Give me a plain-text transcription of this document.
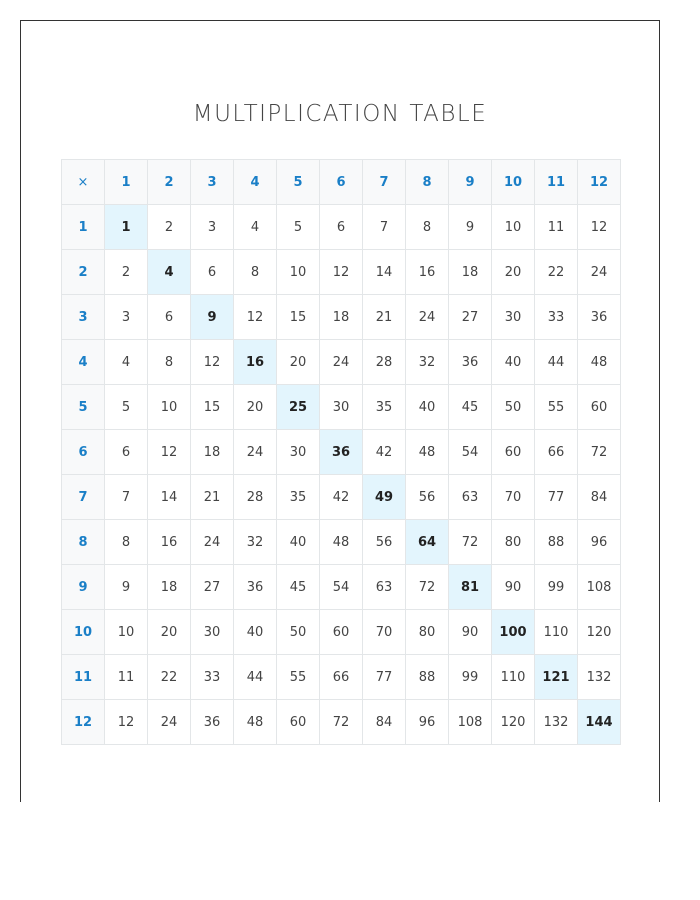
MULTIPLICATION TABLE
×	1	2	3	4	5	6	7	8	9	10	11	12
1	1	2	3	4	5	6	7	8	9	10	11	12
2	2	4	6	8	10	12	14	16	18	20	22	24
3	3	6	9	12	15	18	21	24	27	30	33	36
4	4	8	12	16	20	24	28	32	36	40	44	48
5	5	10	15	20	25	30	35	40	45	50	55	60
6	6	12	18	24	30	36	42	48	54	60	66	72
7	7	14	21	28	35	42	49	56	63	70	77	84
8	8	16	24	32	40	48	56	64	72	80	88	96
9	9	18	27	36	45	54	63	72	81	90	99	108
10	10	20	30	40	50	60	70	80	90	100	110	120
11	11	22	33	44	55	66	77	88	99	110	121	132
12	12	24	36	48	60	72	84	96	108	120	132	144
